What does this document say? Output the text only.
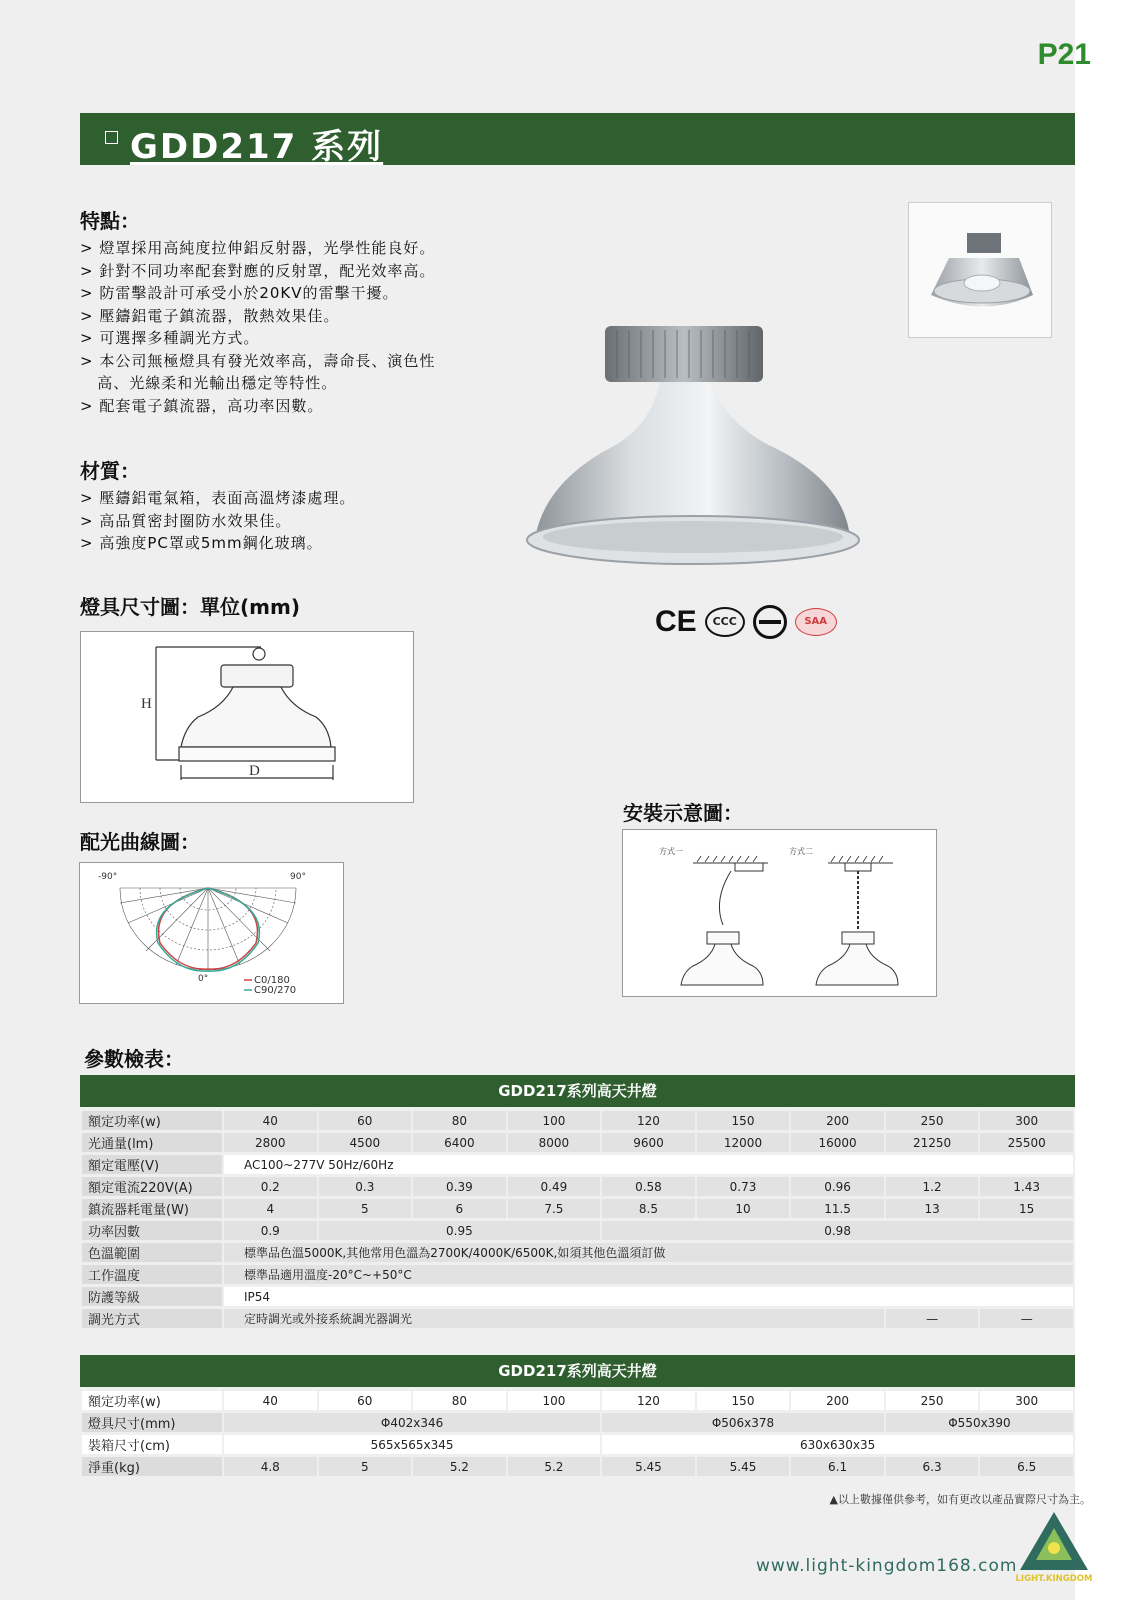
P21
GDD217 系列
特點：
> 燈罩採用高純度拉伸鋁反射器，光學性能良好。
> 針對不同功率配套對應的反射罩，配光效率高。
> 防雷擊設計可承受小於20KV的雷擊干擾。
> 壓鑄鋁電子鎮流器，散熱效果佳。
> 可選擇多種調光方式。
> 本公司無極燈具有發光效率高，壽命長、演色性
高、光線柔和光輸出穩定等特性。
> 配套電子鎮流器，高功率因數。
材質：
> 壓鑄鋁電氣箱，表面高溫烤漆處理。
> 高品質密封圈防水效果佳。
> 高強度PC罩或5mm鋼化玻璃。
CE	CCC	SAA
燈具尺寸圖：單位(mm)
H
D
配光曲線圖：
-90°	90°
0°	C0/180
C90/270
安裝示意圖：
方式一	方式二
參數檢表：
GDD217系列高天井燈
額定功率(w)	40	60	80	100	120	150	200	250	300
光通量(lm)	2800	4500	6400	8000	9600	12000	16000	21250	25500
額定電壓(V)	AC100~277V 50Hz/60Hz								
額定電流220V(A)	0.2	0.3	0.39	0.49	0.58	0.73	0.96	1.2	1.43
鎮流器耗電量(W)	4	5	6	7.5	8.5	10	11.5	13	15
功率因數	0.9	0.95			0.98				
色溫範圍	標準品色溫5000K,其他常用色溫為2700K/4000K/6500K,如須其他色溫須訂做								
工作溫度	標準品適用溫度-20°C~+50°C								
防護等級	IP54								
調光方式	定時調光或外接系統調光器調光							—	—
GDD217系列高天井燈
額定功率(w)	40	60	80	100	120	150	200	250	300
燈具尺寸(mm)	Φ402x346				Φ506x378			Φ550x390	
裝箱尺寸(cm)	565x565x345				630x630x35				
淨重(kg)	4.8	5	5.2	5.2	5.45	5.45	6.1	6.3	6.5
▲以上數據僅供參考，如有更改以產品實際尺寸為主。
www.light-kingdom168.com
LIGHT.KINGDOM
